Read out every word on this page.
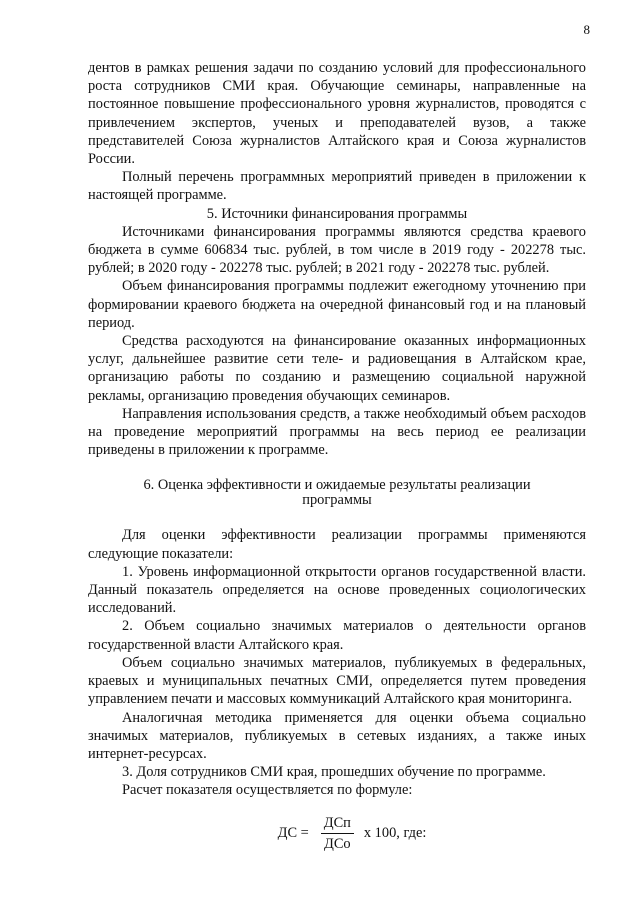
8

дентов в рамках решения задачи по созданию условий для профессионального роста сотрудников СМИ края. Обучающие семинары, направленные на постоянное повышение профессионального уровня журналистов, проводятся с привлечением экспертов, ученых и преподавателей вузов, а также представителей Союза журналистов Алтайского края и Союза журналистов России.

Полный перечень программных мероприятий приведен в приложении к настоящей программе.

5. Источники финансирования программы

Источниками финансирования программы являются средства краевого бюджета в сумме 606834 тыс. рублей, в том числе в 2019 году - 202278 тыс. рублей; в 2020 году - 202278 тыс. рублей; в 2021 году - 202278 тыс. рублей.

Объем финансирования программы подлежит ежегодному уточнению при формировании краевого бюджета на очередной финансовый год и на плановый период.

Средства расходуются на финансирование оказанных информационных услуг, дальнейшее развитие сети теле- и радиовещания в Алтайском крае, организацию работы по созданию и размещению социальной наружной рекламы, организацию проведения обучающих семинаров.

Направления использования средств, а также необходимый объем расходов на проведение мероприятий программы на весь период ее реализации приведены в приложении к программе.

6. Оценка эффективности и ожидаемые результаты реализации
программы

Для оценки эффективности реализации программы применяются следующие показатели:

1. Уровень информационной открытости органов государственной власти. Данный показатель определяется на основе проведенных социологических исследований.

2. Объем социально значимых материалов о деятельности органов государственной власти Алтайского края.

Объем социально значимых материалов, публикуемых в федеральных, краевых и муниципальных печатных СМИ, определяется путем проведения управлением печати и массовых коммуникаций Алтайского края мониторинга.

Аналогичная методика применяется для оценки объема социально значимых материалов, публикуемых в сетевых изданиях, а также иных интернет-ресурсах.

3. Доля сотрудников СМИ края, прошедших обучение по программе.

Расчет показателя осуществляется по формуле:

ДС = $\frac{\text{ДСп}}{\text{ДСо}}$ х 100, где:
